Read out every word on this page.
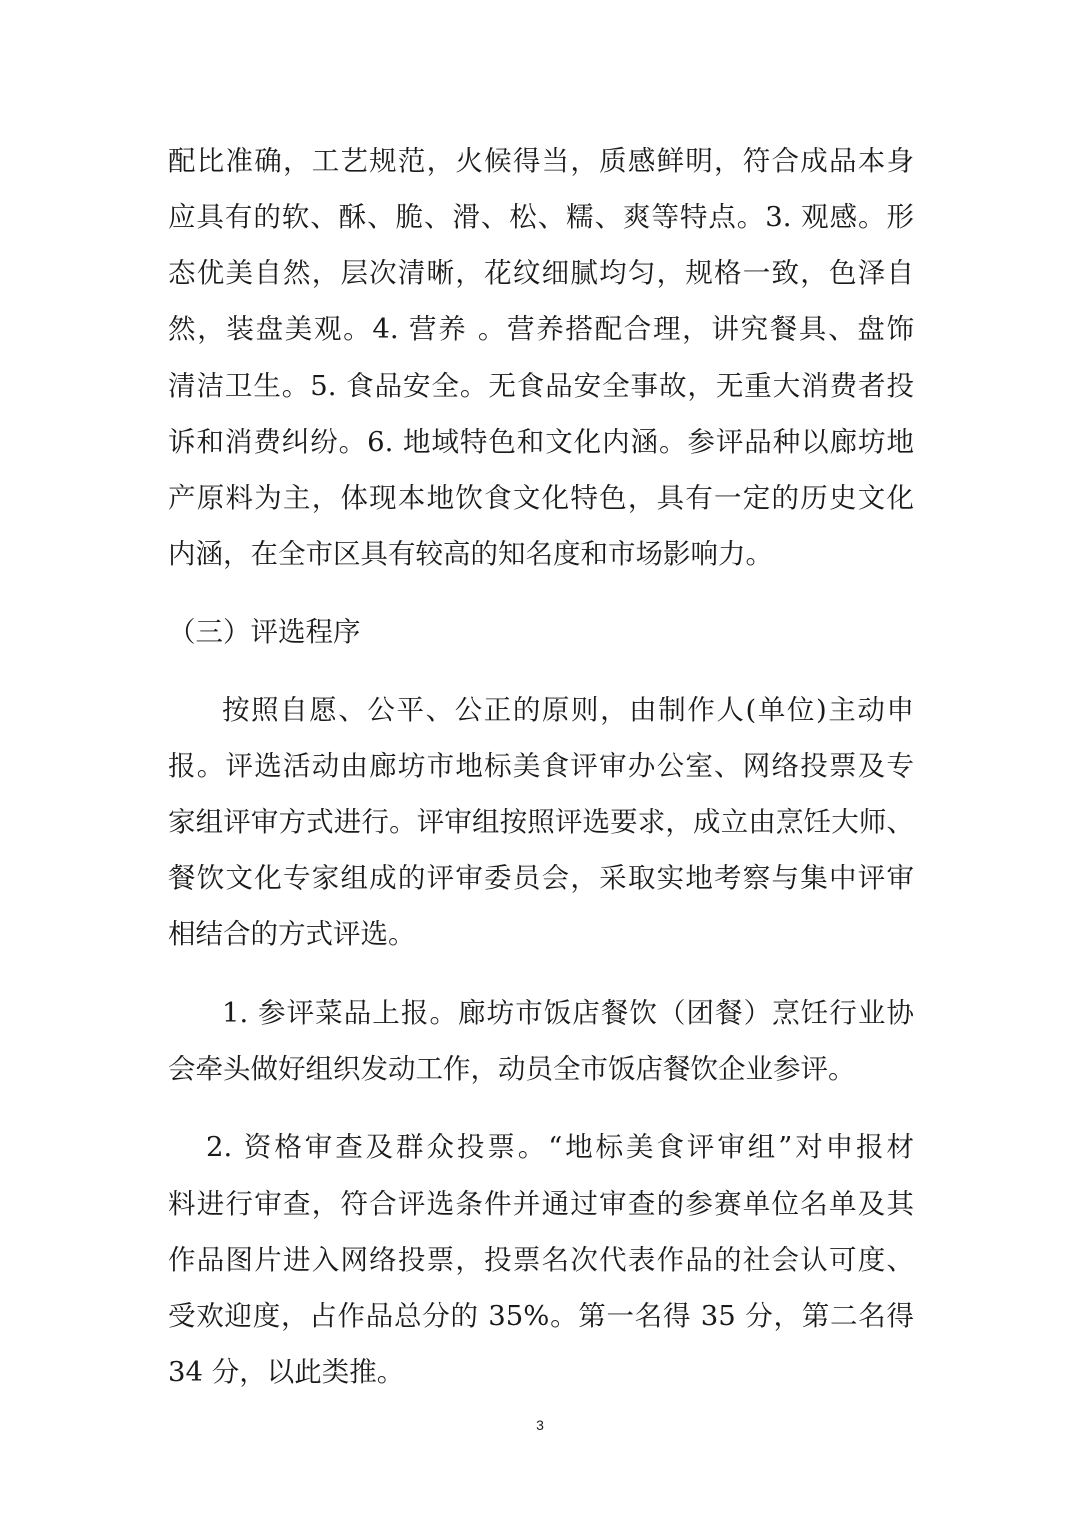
配比准确，工艺规范，火候得当，质感鲜明，符合成品本身
应具有的软、酥、脆、滑、松、糯、爽等特点。3. 观感。形
态优美自然，层次清晰，花纹细腻均匀，规格一致，色泽自
然，装盘美观。4. 营养 。营养搭配合理，讲究餐具、盘饰
清洁卫生。5. 食品安全。无食品安全事故，无重大消费者投
诉和消费纠纷。6. 地域特色和文化内涵。参评品种以廊坊地
产原料为主，体现本地饮食文化特色，具有一定的历史文化
内涵，在全市区具有较高的知名度和市场影响力。
（三）评选程序
按照自愿、公平、公正的原则，由制作人(单位)主动申
报。评选活动由廊坊市地标美食评审办公室、网络投票及专
家组评审方式进行。评审组按照评选要求，成立由烹饪大师、
餐饮文化专家组成的评审委员会，采取实地考察与集中评审
相结合的方式评选。
1. 参评菜品上报。廊坊市饭店餐饮（团餐）烹饪行业协
会牵头做好组织发动工作，动员全市饭店餐饮企业参评。
2. 资格审查及群众投票。“地标美食评审组”对申报材
料进行审查，符合评选条件并通过审查的参赛单位名单及其
作品图片进入网络投票，投票名次代表作品的社会认可度、
受欢迎度，占作品总分的 35%。第一名得 35 分，第二名得
34 分，以此类推。
3
